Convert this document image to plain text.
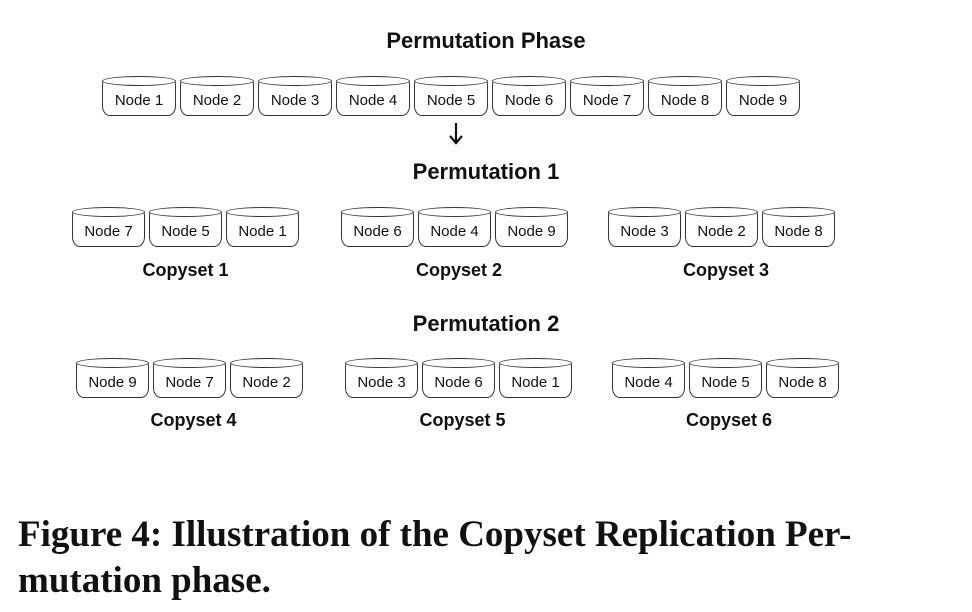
Permutation Phase
Node 1 Node 2 Node 3 Node 4 Node 5 Node 6 Node 7 Node 8 Node 9
Permutation 1
Node 7 Node 5 Node 1

Copyset 1

Node 6 Node 4 Node 9

Copyset 2

Node 3 Node 2 Node 8

Copyset 3

Permutation 2
Node 9 Node 7 Node 2

Copyset 4

Node 3 Node 6 Node 1

Copyset 5

Node 4 Node 5 Node 8

Copyset 6

Figure 4: Illustration of the Copyset Replication Per-mutation phase.
